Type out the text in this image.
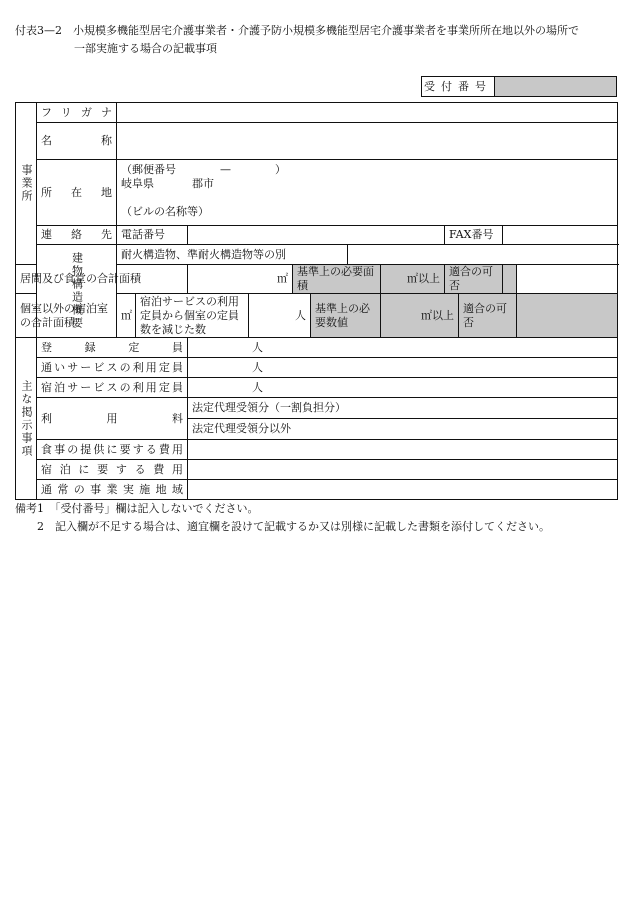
付表3—2　小規模多機能型居宅介護事業者・介護予防小規模多機能型居宅介護事業者を事業所所在地以外の場所で
一部実施する場合の記載事項
受付番号
事業所	フリガナ												
	名　　称												
	所　在　地	（郵便番号　　　　—　　　　）
岐阜県 郡市
（ビルの名称等）											

	連　絡　先	電話番号								FAX番号			
	建物構造概要	耐火構造物、準耐火構造物等の別											
居間及び食堂の合計面積				㎡		基準上の必要面積			㎡以上	適合の可否			
個室以外の宿泊室の合計面積		㎡	宿泊サービスの利用定員から個室の定員数を減じた数		人		基準上の必要数値		㎡以上		適合の可否		
主な掲示事項	登録定員			人									
	通いサービスの利用定員			人									
	宿泊サービスの利用定員			人									
	利用料			法定代理受領分（一割負担分）									
				法定代理受領分以外									
	食事の提供に要する費用												
	宿泊に要する費用												
	通常の事業実施地域												
備考1　「受付番号」欄は記入しないでください。
2　記入欄が不足する場合は、適宜欄を設けて記載するか又は別様に記載した書類を添付してください。
